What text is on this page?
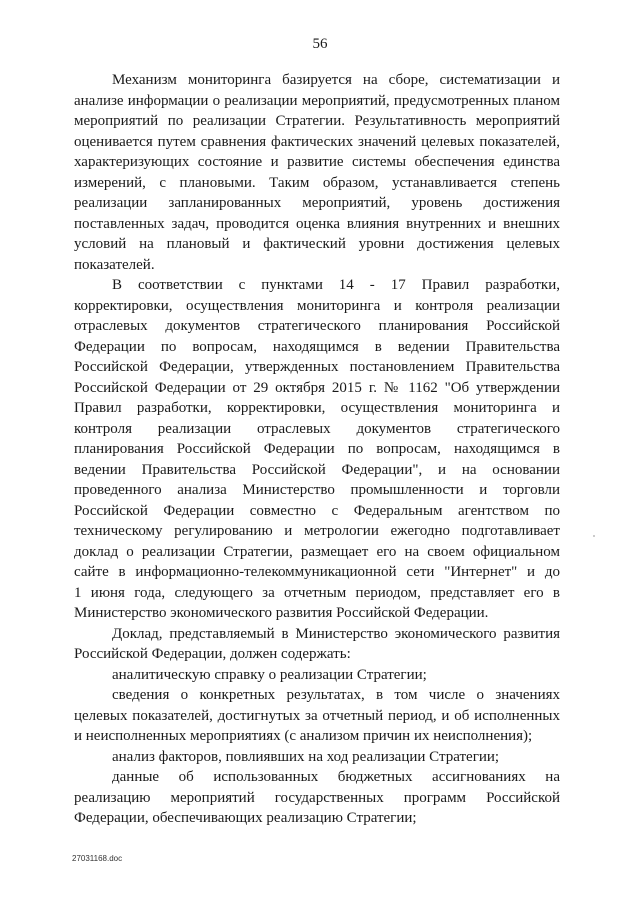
56
Механизм мониторинга базируется на сборе, систематизации и
анализе информации о реализации мероприятий, предусмотренных планом
мероприятий по реализации Стратегии. Результативность мероприятий
оценивается путем сравнения фактических значений целевых показателей,
характеризующих состояние и развитие системы обеспечения единства
измерений, с плановыми. Таким образом, устанавливается степень
реализации запланированных мероприятий, уровень достижения
поставленных задач, проводится оценка влияния внутренних и внешних
условий на плановый и фактический уровни достижения целевых
показателей.
В соответствии с пунктами 14 - 17 Правил разработки,
корректировки, осуществления мониторинга и контроля реализации
отраслевых документов стратегического планирования Российской
Федерации по вопросам, находящимся в ведении Правительства
Российской Федерации, утвержденных постановлением Правительства
Российской Федерации от 29 октября 2015 г. № 1162 "Об утверждении
Правил разработки, корректировки, осуществления мониторинга и
контроля реализации отраслевых документов стратегического
планирования Российской Федерации по вопросам, находящимся в
ведении Правительства Российской Федерации", и на основании
проведенного анализа Министерство промышленности и торговли
Российской Федерации совместно с Федеральным агентством по
техническому регулированию и метрологии ежегодно подготавливает
доклад о реализации Стратегии, размещает его на своем официальном
сайте в информационно-телекоммуникационной сети "Интернет" и до
1 июня года, следующего за отчетным периодом, представляет его в
Министерство экономического развития Российской Федерации.
Доклад, представляемый в Министерство экономического развития
Российской Федерации, должен содержать:
аналитическую справку о реализации Стратегии;
сведения о конкретных результатах, в том числе о значениях
целевых показателей, достигнутых за отчетный период, и об исполненных
и неисполненных мероприятиях (с анализом причин их неисполнения);
анализ факторов, повлиявших на ход реализации Стратегии;
данные об использованных бюджетных ассигнованиях на
реализацию мероприятий государственных программ Российской
Федерации, обеспечивающих реализацию Стратегии;
27031168.doc
